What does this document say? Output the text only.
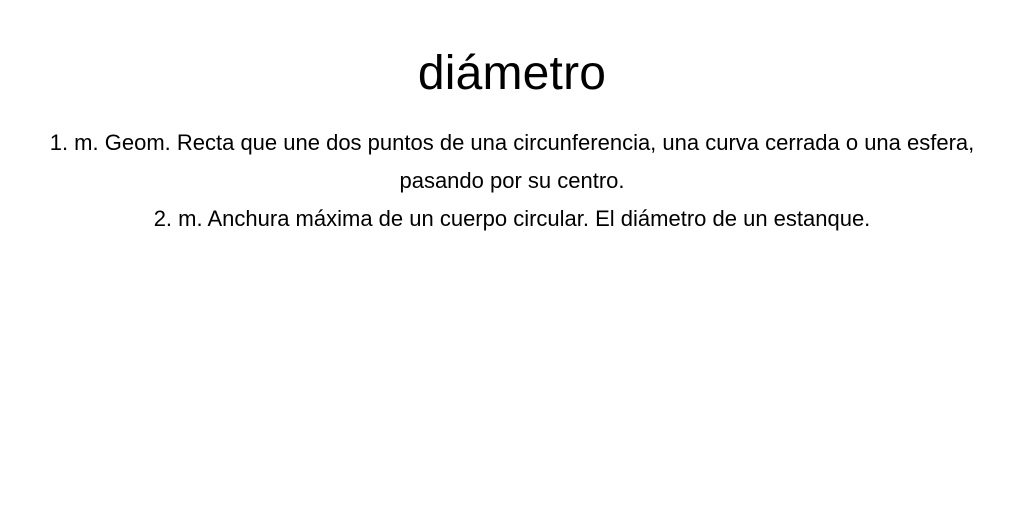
diámetro

1. m. Geom. Recta que une dos puntos de una circunferencia, una curva cerrada o una esfera, pasando por su centro.

2. m. Anchura máxima de un cuerpo circular. El diámetro de un estanque.
